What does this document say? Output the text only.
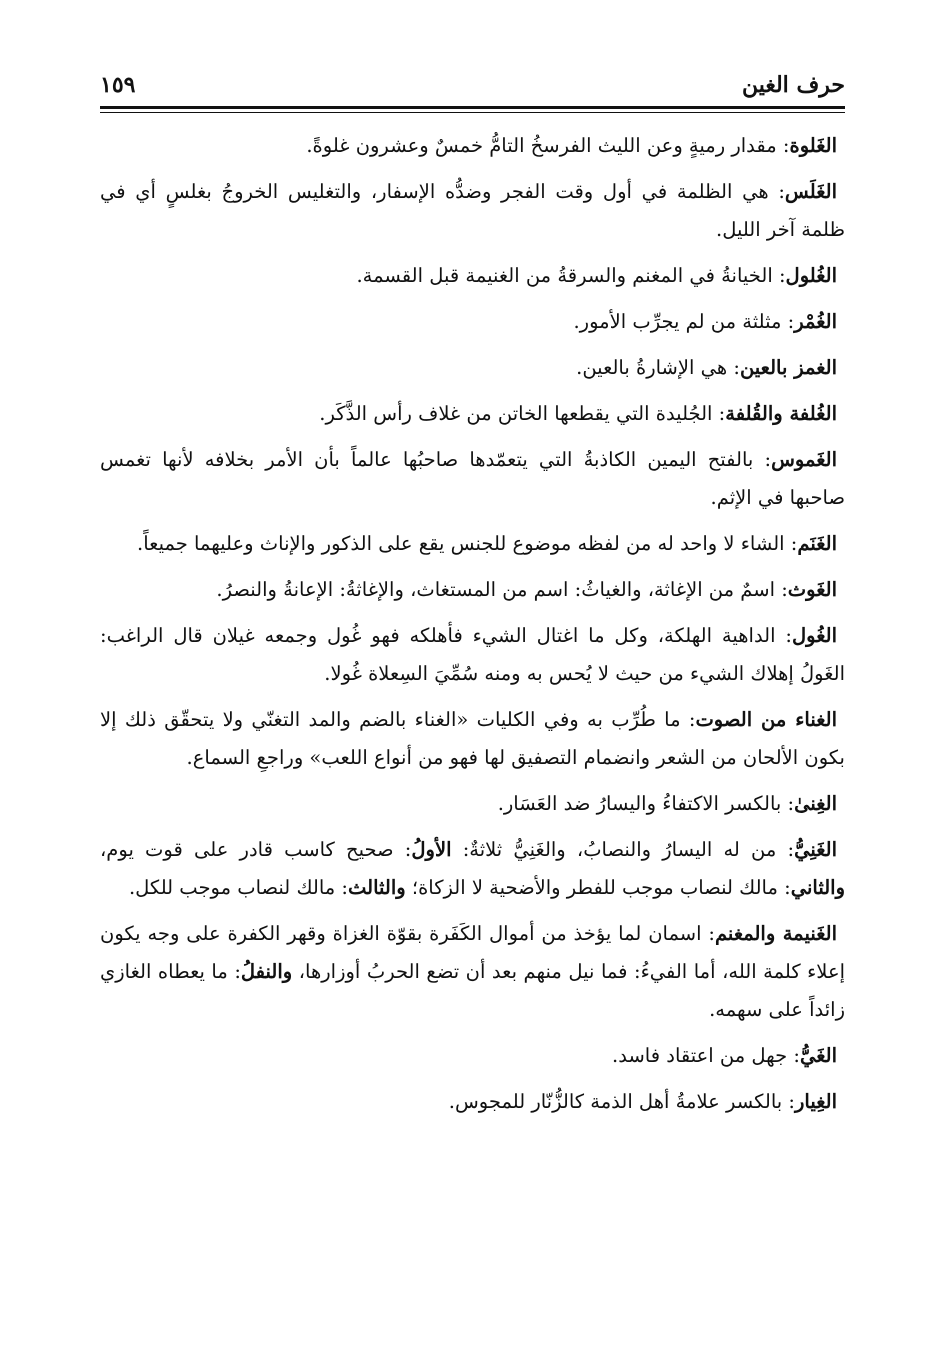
حرف الغين
١٥٩

الغَلوة: مقدار رميةٍ وعن الليث الفرسخُ التامُّ خمسٌ وعشرون غلوةً.

الغَلَس: هي الظلمة في أول وقت الفجر وضدُّه الإسفار، والتغليس الخروجُ بغلسٍ أي في ظلمة آخر الليل.

الغُلول: الخيانةُ في المغنم والسرقةُ من الغنيمة قبل القسمة.

الغُمْر: مثلثة من لم يجرِّب الأمور.

الغمز بالعين: هي الإشارةُ بالعين.

الغُلفة والقُلفة: الجُليدة التي يقطعها الخاتن من غلاف رأس الذَّكَر.

الغَموس: بالفتح اليمين الكاذبةُ التي يتعمّدها صاحبُها عالماً بأن الأمر بخلافه لأنها تغمس صاحبها في الإثم.

الغَنَم: الشاء لا واحد له من لفظه موضوع للجنس يقع على الذكور والإناث وعليهما جميعاً.

الغَوث: اسمٌ من الإغاثة، والغياثُ: اسم من المستغاث، والإغاثةُ: الإعانةُ والنصرُ.

الغُول: الداهية الهلكة، وكل ما اغتال الشيء فأهلكه فهو غُول وجمعه غيلان قال الراغب: الغَولُ إهلاك الشيء من حيث لا يُحس به ومنه سُمِّيَ السِعلاة غُولا.

الغناء من الصوت: ما طُرِّب به وفي الكليات «الغناء بالضم والمد التغنّي ولا يتحقّق ذلك إلا بكون الألحان من الشعر وانضمام التصفيق لها فهو من أنواع اللعب» وراجعِ السماع.

الغِنىٰ: بالكسر الاكتفاءُ واليسارُ ضد العَسَار.

الغَنِيُّ: من له اليسارُ والنصابُ، والغَنِيُّ ثلاثةٌ: الأولُ: صحيح كاسب قادر على قوت يوم، والثاني: مالك لنصاب موجب للفطر والأضحية لا الزكاة؛ والثالث: مالك لنصاب موجب للكل.

الغَنيمة والمغنم: اسمان لما يؤخذ من أموال الكَفَرة بقوّة الغزاة وقهر الكفرة على وجه يكون إعلاء كلمة الله، أما الفيءُ: فما نيل منهم بعد أن تضع الحربُ أوزارها، والنفلُ: ما يعطاه الغازي زائداً على سهمه.

الغَيُّ: جهل من اعتقاد فاسد.

الغِيار: بالكسر علامةُ أهل الذمة كالزُّنّار للمجوس.
